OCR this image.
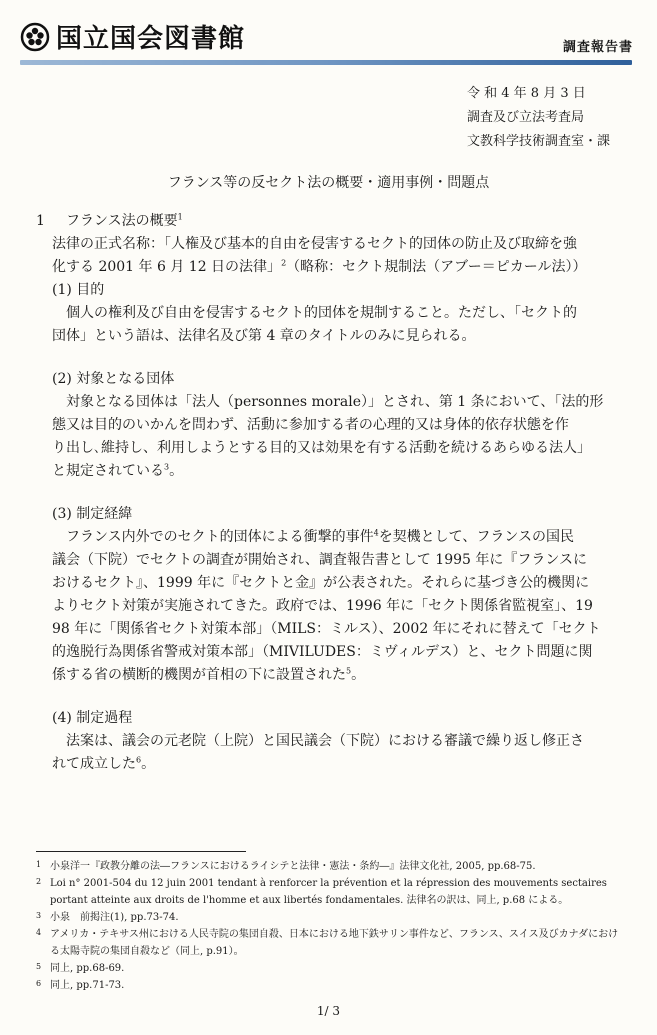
国立国会図書館	調査報告書
令 和 4 年 8 月 3 日
調査及び立法考査局
文教科学技術調査室・課
フランス等の反セクト法の概要・適用事例・問題点
1 フランス法の概要$^1$
法律の正式名称：「人権及び基本的自由を侵害するセクト的団体の防止及び取締を強
化する 2001 年 6 月 12 日の法律」$^2$（略称：セクト規制法（アブー＝ピカール法））
(1) 目的
個人の権利及び自由を侵害するセクト的団体を規制すること。ただし、「セクト的
団体」という語は、法律名及び第 4 章のタイトルのみに見られる。
(2) 対象となる団体
対象となる団体は「法人（personnes morale）」とされ、第 1 条において、「法的形
態又は目的のいかんを問わず、活動に参加する者の心理的又は身体的依存状態を作
り出し､維持し、利用しようとする目的又は効果を有する活動を続けるあらゆる法人」
と規定されている$^3$。
(3) 制定経緯
フランス内外でのセクト的団体による衝撃的事件$^4$を契機として、フランスの国民
議会（下院）でセクトの調査が開始され、調査報告書として 1995 年に『フランスに
おけるセクト』、1999 年に『セクトと金』が公表された。それらに基づき公的機関に
よりセクト対策が実施されてきた。政府では、1996 年に「セクト関係省監視室」、19
98 年に「関係省セクト対策本部」（MILS：ミルス）、2002 年にそれに替えて「セクト
的逸脱行為関係省警戒対策本部」（MIVILUDES：ミヴィルデス）と、セクト問題に関
係する省の横断的機関が首相の下に設置された$^5$。
(4) 制定過程
法案は、議会の元老院（上院）と国民議会（下院）における審議で繰り返し修正さ
れて成立した$^6$。
1 小泉洋一『政教分離の法―フランスにおけるライシテと法律・憲法・条約―』法律文化社, 2005, pp.68-75.
2 Loi n° 2001-504 du 12 juin 2001 tendant à renforcer la prévention et la répression des mouvements sectaires portant atteinte aux droits de l'homme et aux libertés fondamentales. 法律名の訳は、同上, p.68 による。
3 小泉　前掲注(1), pp.73-74.
4 アメリカ・テキサス州における人民寺院の集団自殺、日本における地下鉄サリン事件など、フランス、スイス及びカナダにおける太陽寺院の集団自殺など（同上, p.91）。
5 同上, pp.68-69.
6 同上, pp.71-73.
1/ 3
